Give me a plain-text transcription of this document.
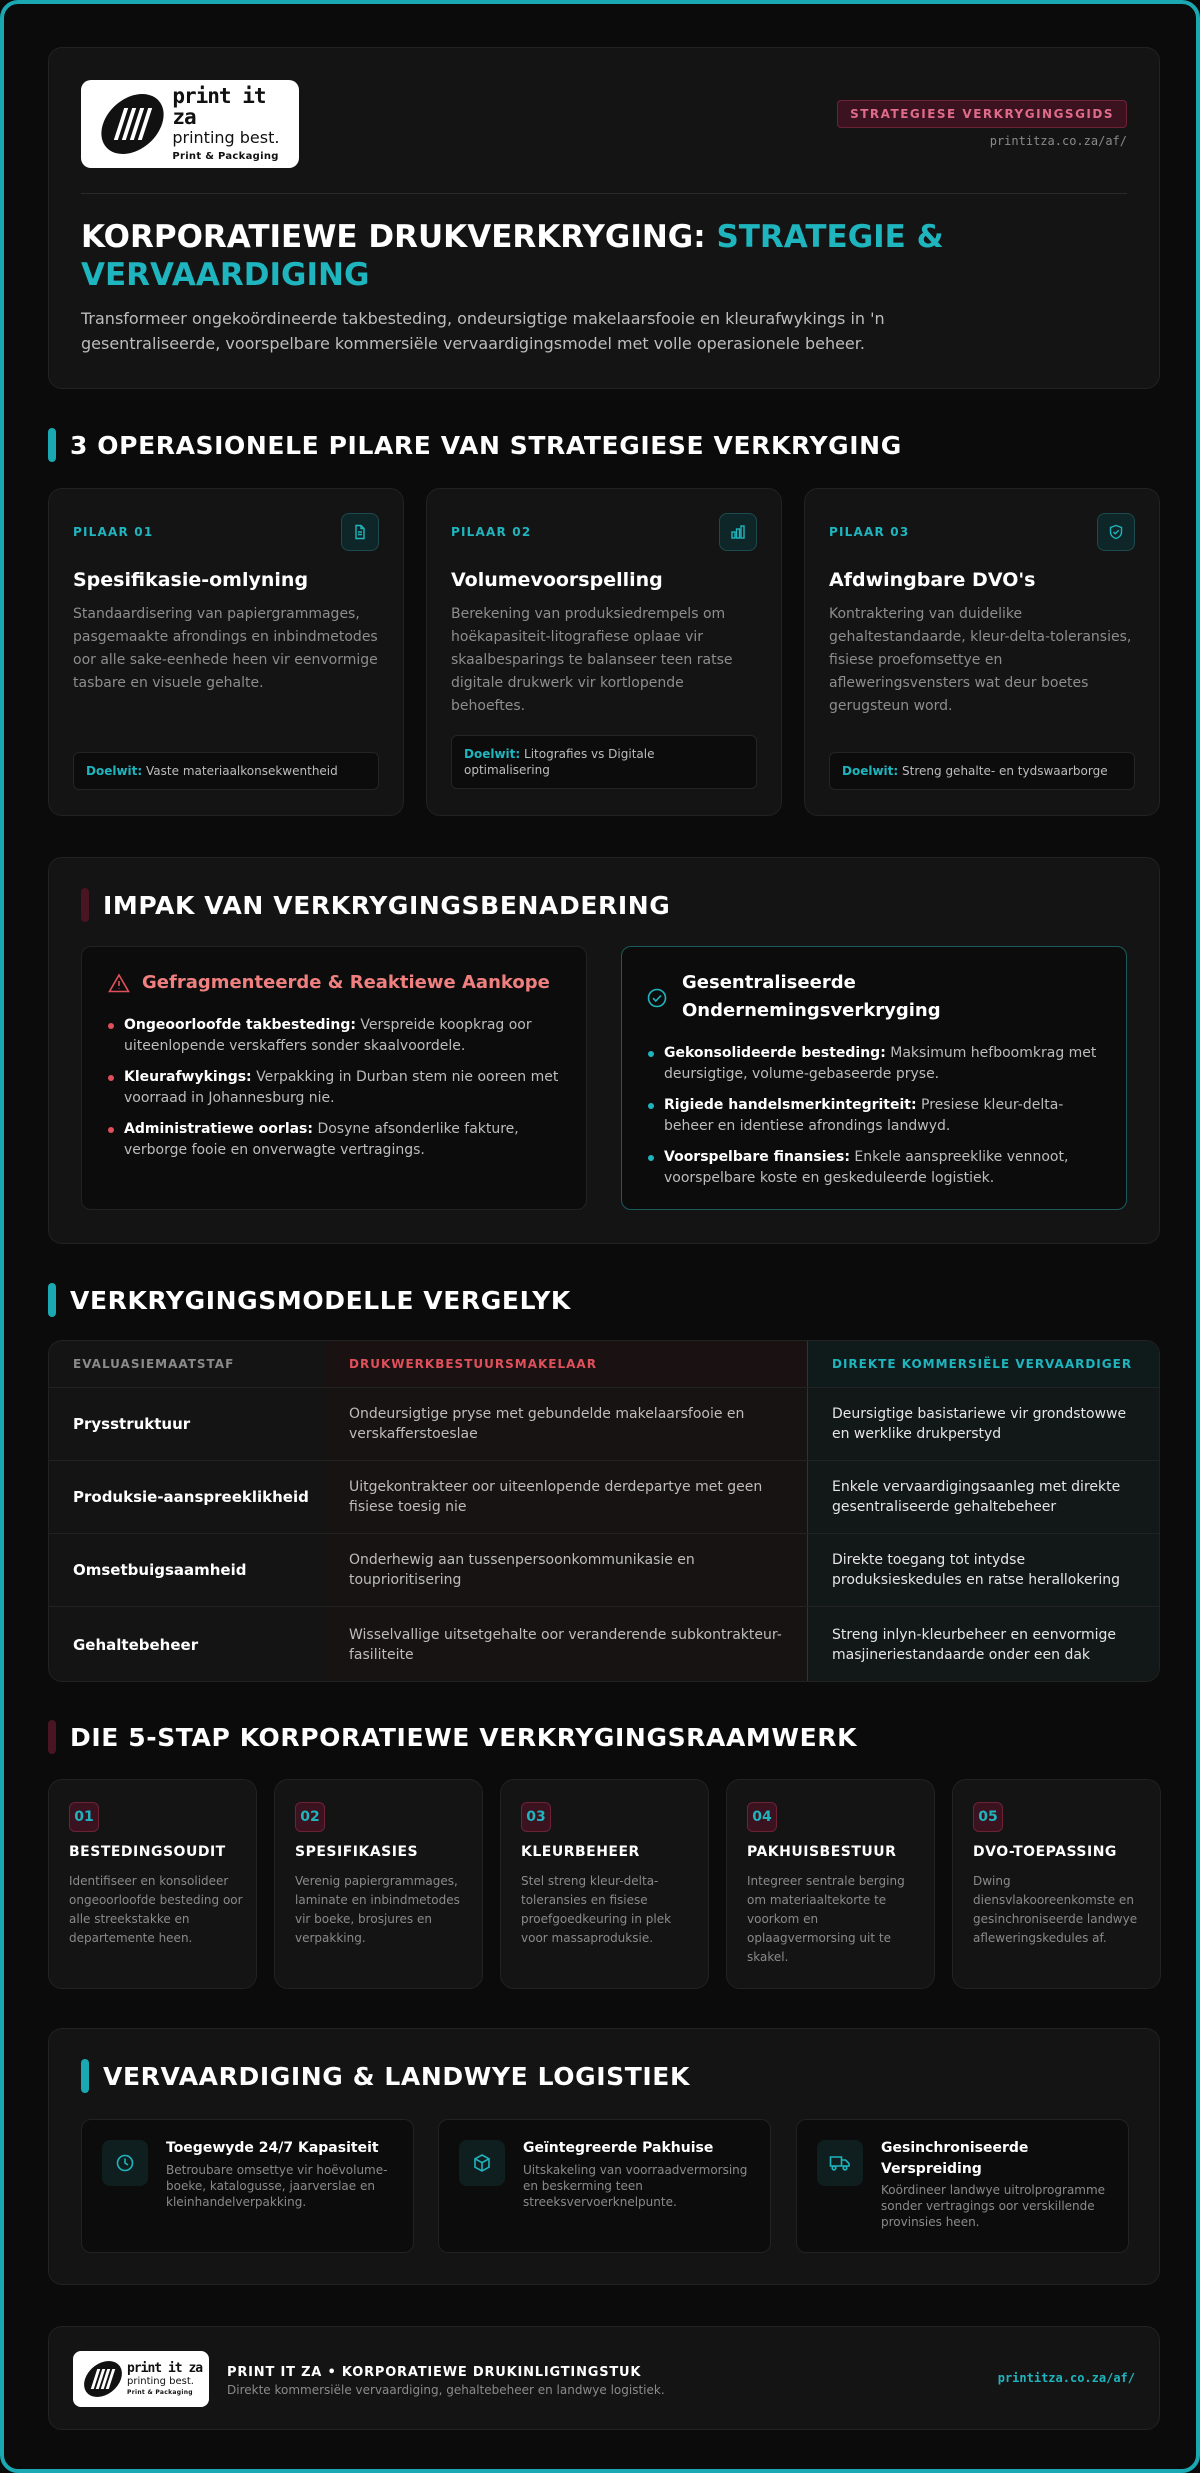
print it za
printing best.
Print & Packaging
STRATEGIESE VERKRYGINGSGIDS
printitza.co.za/af/
KORPORATIEWE DRUKVERKRYGING: STRATEGIE & VERVAARDIGING
Transformeer ongekoördineerde takbesteding, ondeursigtige makelaarsfooie en kleurafwykings in 'n gesentraliseerde, voorspelbare kommersiële vervaardigingsmodel met volle operasionele beheer.
3 OPERASIONELE PILARE VAN STRATEGIESE VERKRYGING
PILAAR 01
Spesifikasie-omlyning

Standaardisering van papiergrammages, pasgemaakte afrondings en inbindmetodes oor alle sake-eenhede heen vir eenvormige tasbare en visuele gehalte.

Doelwit: Vaste materiaalkonsekwentheid
PILAAR 02
Volumevoorspelling

Berekening van produksiedrempels om hoëkapasiteit-litografiese oplaae vir skaalbesparings te balanseer teen ratse digitale drukwerk vir kortlopende behoeftes.

Doelwit: Litografies vs Digitale optimalisering
PILAAR 03
Afdwingbare DVO's

Kontraktering van duidelike gehaltestandaarde, kleur-delta-toleransies, fisiese proefomsettye en afleweringsvensters wat deur boetes gerugsteun word.

Doelwit: Streng gehalte- en tydswaarborge
IMPAK VAN VERKRYGINGSBENADERING
Gefragmenteerde & Reaktiewe Aankope
Ongeoorloofde takbesteding: Verspreide koopkrag oor uiteenlopende verskaffers sonder skaalvoordele.
Kleurafwykings: Verpakking in Durban stem nie ooreen met voorraad in Johannesburg nie.
Administratiewe oorlas: Dosyne afsonderlike fakture, verborge fooie en onverwagte vertragings.
Gesentraliseerde Ondernemingsverkryging
Gekonsolideerde besteding: Maksimum hefboomkrag met deursigtige, volume-gebaseerde pryse.
Rigiede handelsmerkintegriteit: Presiese kleur-delta-beheer en identiese afrondings landwyd.
Voorspelbare finansies: Enkele aanspreeklike vennoot, voorspelbare koste en geskeduleerde logistiek.
VERKRYGINGSMODELLE VERGELYK
EVALUASIEMAATSTAF	DRUKWERKBESTUURSMAKELAAR	DIREKTE KOMMERSIËLE VERVAARDIGER
Prysstruktuur
Ondeursigtige pryse met gebundelde makelaarsfooie en verskafferstoeslae
Deursigtige basistariewe vir grondstowwe en werklike drukperstyd
Produksie-aanspreeklikheid
Uitgekontrakteer oor uiteenlopende derdepartye met geen fisiese toesig nie
Enkele vervaardigingsaanleg met direkte gesentraliseerde gehaltebeheer
Omsetbuigsaamheid
Onderhewig aan tussenpersoonkommunikasie en touprioritisering
Direkte toegang tot intydse produksieskedules en ratse herallokering
Gehaltebeheer
Wisselvallige uitsetgehalte oor veranderende subkontrakteur-fasiliteite
Streng inlyn-kleurbeheer en eenvormige masjineriestandaarde onder een dak
DIE 5-STAP KORPORATIEWE VERKRYGINGSRAAMWERK
01
BESTEDINGSOUDIT

Identifiseer en konsolideer ongeoorloofde besteding oor alle streekstakke en departemente heen.

02
SPESIFIKASIES

Verenig papiergrammages, laminate en inbindmetodes vir boeke, brosjures en verpakking.

03
KLEURBEHEER

Stel streng kleur-delta-toleransies en fisiese proefgoedkeuring in plek voor massaproduksie.

04
PAKHUISBESTUUR

Integreer sentrale berging om materiaaltekorte te voorkom en oplaagvermorsing uit te skakel.

05
DVO-TOEPASSING

Dwing diensvlakooreenkomste en gesinchroniseerde landwye afleweringskedules af.

VERVAARDIGING & LANDWYE LOGISTIEK
Toegewyde 24/7 Kapasiteit

Betroubare omsettye vir hoëvolume-boeke, katalogusse, jaarverslae en kleinhandelverpakking.

Geïntegreerde Pakhuise

Uitskakeling van voorraadvermorsing en beskerming teen streeksvervoerknelpunte.

Gesinchroniseerde Verspreiding

Koördineer landwye uitrolprogramme sonder vertragings oor verskillende provinsies heen.

print it za
printing best.
Print & Packaging
PRINT IT ZA • KORPORATIEWE DRUKINLIGTINGSTUK
Direkte kommersiële vervaardiging, gehaltebeheer en landwye logistiek.
printitza.co.za/af/
